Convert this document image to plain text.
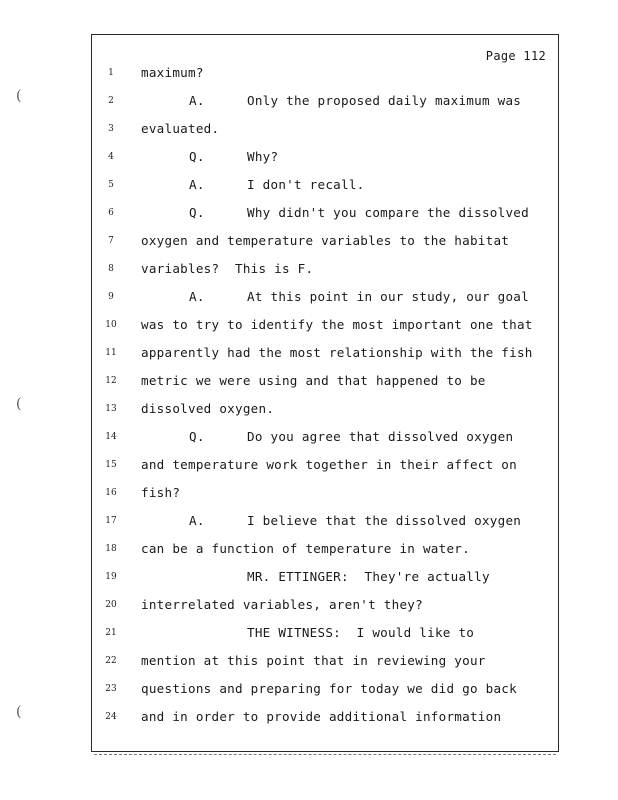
(
(
(
Page 112
1	maximum?
2	A.	Only the proposed daily maximum was
3	evaluated.
4	Q.	Why?
5	A.	I don't recall.
6	Q.	Why didn't you compare the dissolved
7	oxygen and temperature variables to the habitat
8	variables?  This is F.
9	A.	At this point in our study, our goal
10 was to try to identify the most important one that
11 apparently had the most relationship with the fish
12 metric we were using and that happened to be
13 dissolved oxygen.
14	Q.	Do you agree that dissolved oxygen
15 and temperature work together in their affect on
16 fish?
17	A.	I believe that the dissolved oxygen
18 can be a function of temperature in water.
19	MR. ETTINGER:  They're actually
20 interrelated variables, aren't they?
21	THE WITNESS:  I would like to
22 mention at this point that in reviewing your
23 questions and preparing for today we did go back
24 and in order to provide additional information
